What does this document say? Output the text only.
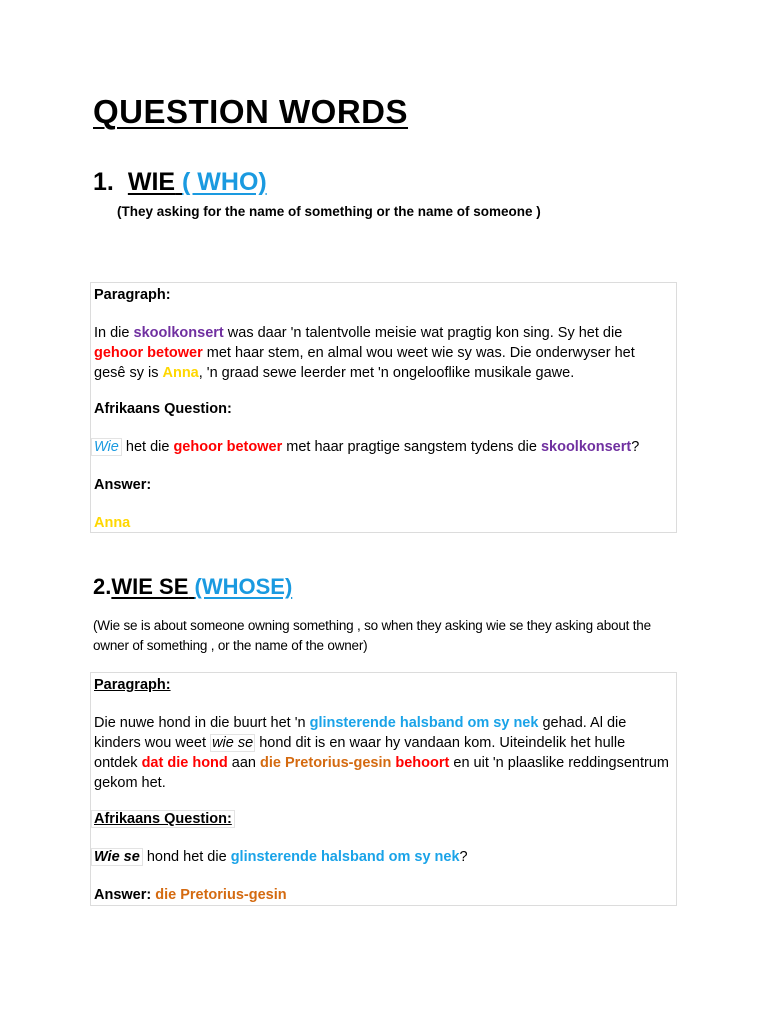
QUESTION WORDS
1. WIE ( WHO)

(They asking for the name of something or the name of someone )

Paragraph:

In die skoolkonsert was daar 'n talentvolle meisie wat pragtig kon sing. Sy het die gehoor betower met haar stem, en almal wou weet wie sy was. Die onderwyser het gesê sy is Anna, 'n graad sewe leerder met 'n ongelooflike musikale gawe.

Afrikaans Question:

Wie het die gehoor betower met haar pragtige sangstem tydens die skoolkonsert?

Answer:

Anna

2.WIE SE (WHOSE)

(Wie se is about someone owning something , so when they asking wie se they asking about the owner of something , or the name of the owner)

Paragraph:

Die nuwe hond in die buurt het 'n glinsterende halsband om sy nek gehad. Al die kinders wou weet wie se hond dit is en waar hy vandaan kom. Uiteindelik het hulle ontdek dat die hond aan die Pretorius-gesin behoort en uit 'n plaaslike reddingsentrum gekom het.

Afrikaans Question:

Wie se hond het die glinsterende halsband om sy nek?

Answer: die Pretorius-gesin
